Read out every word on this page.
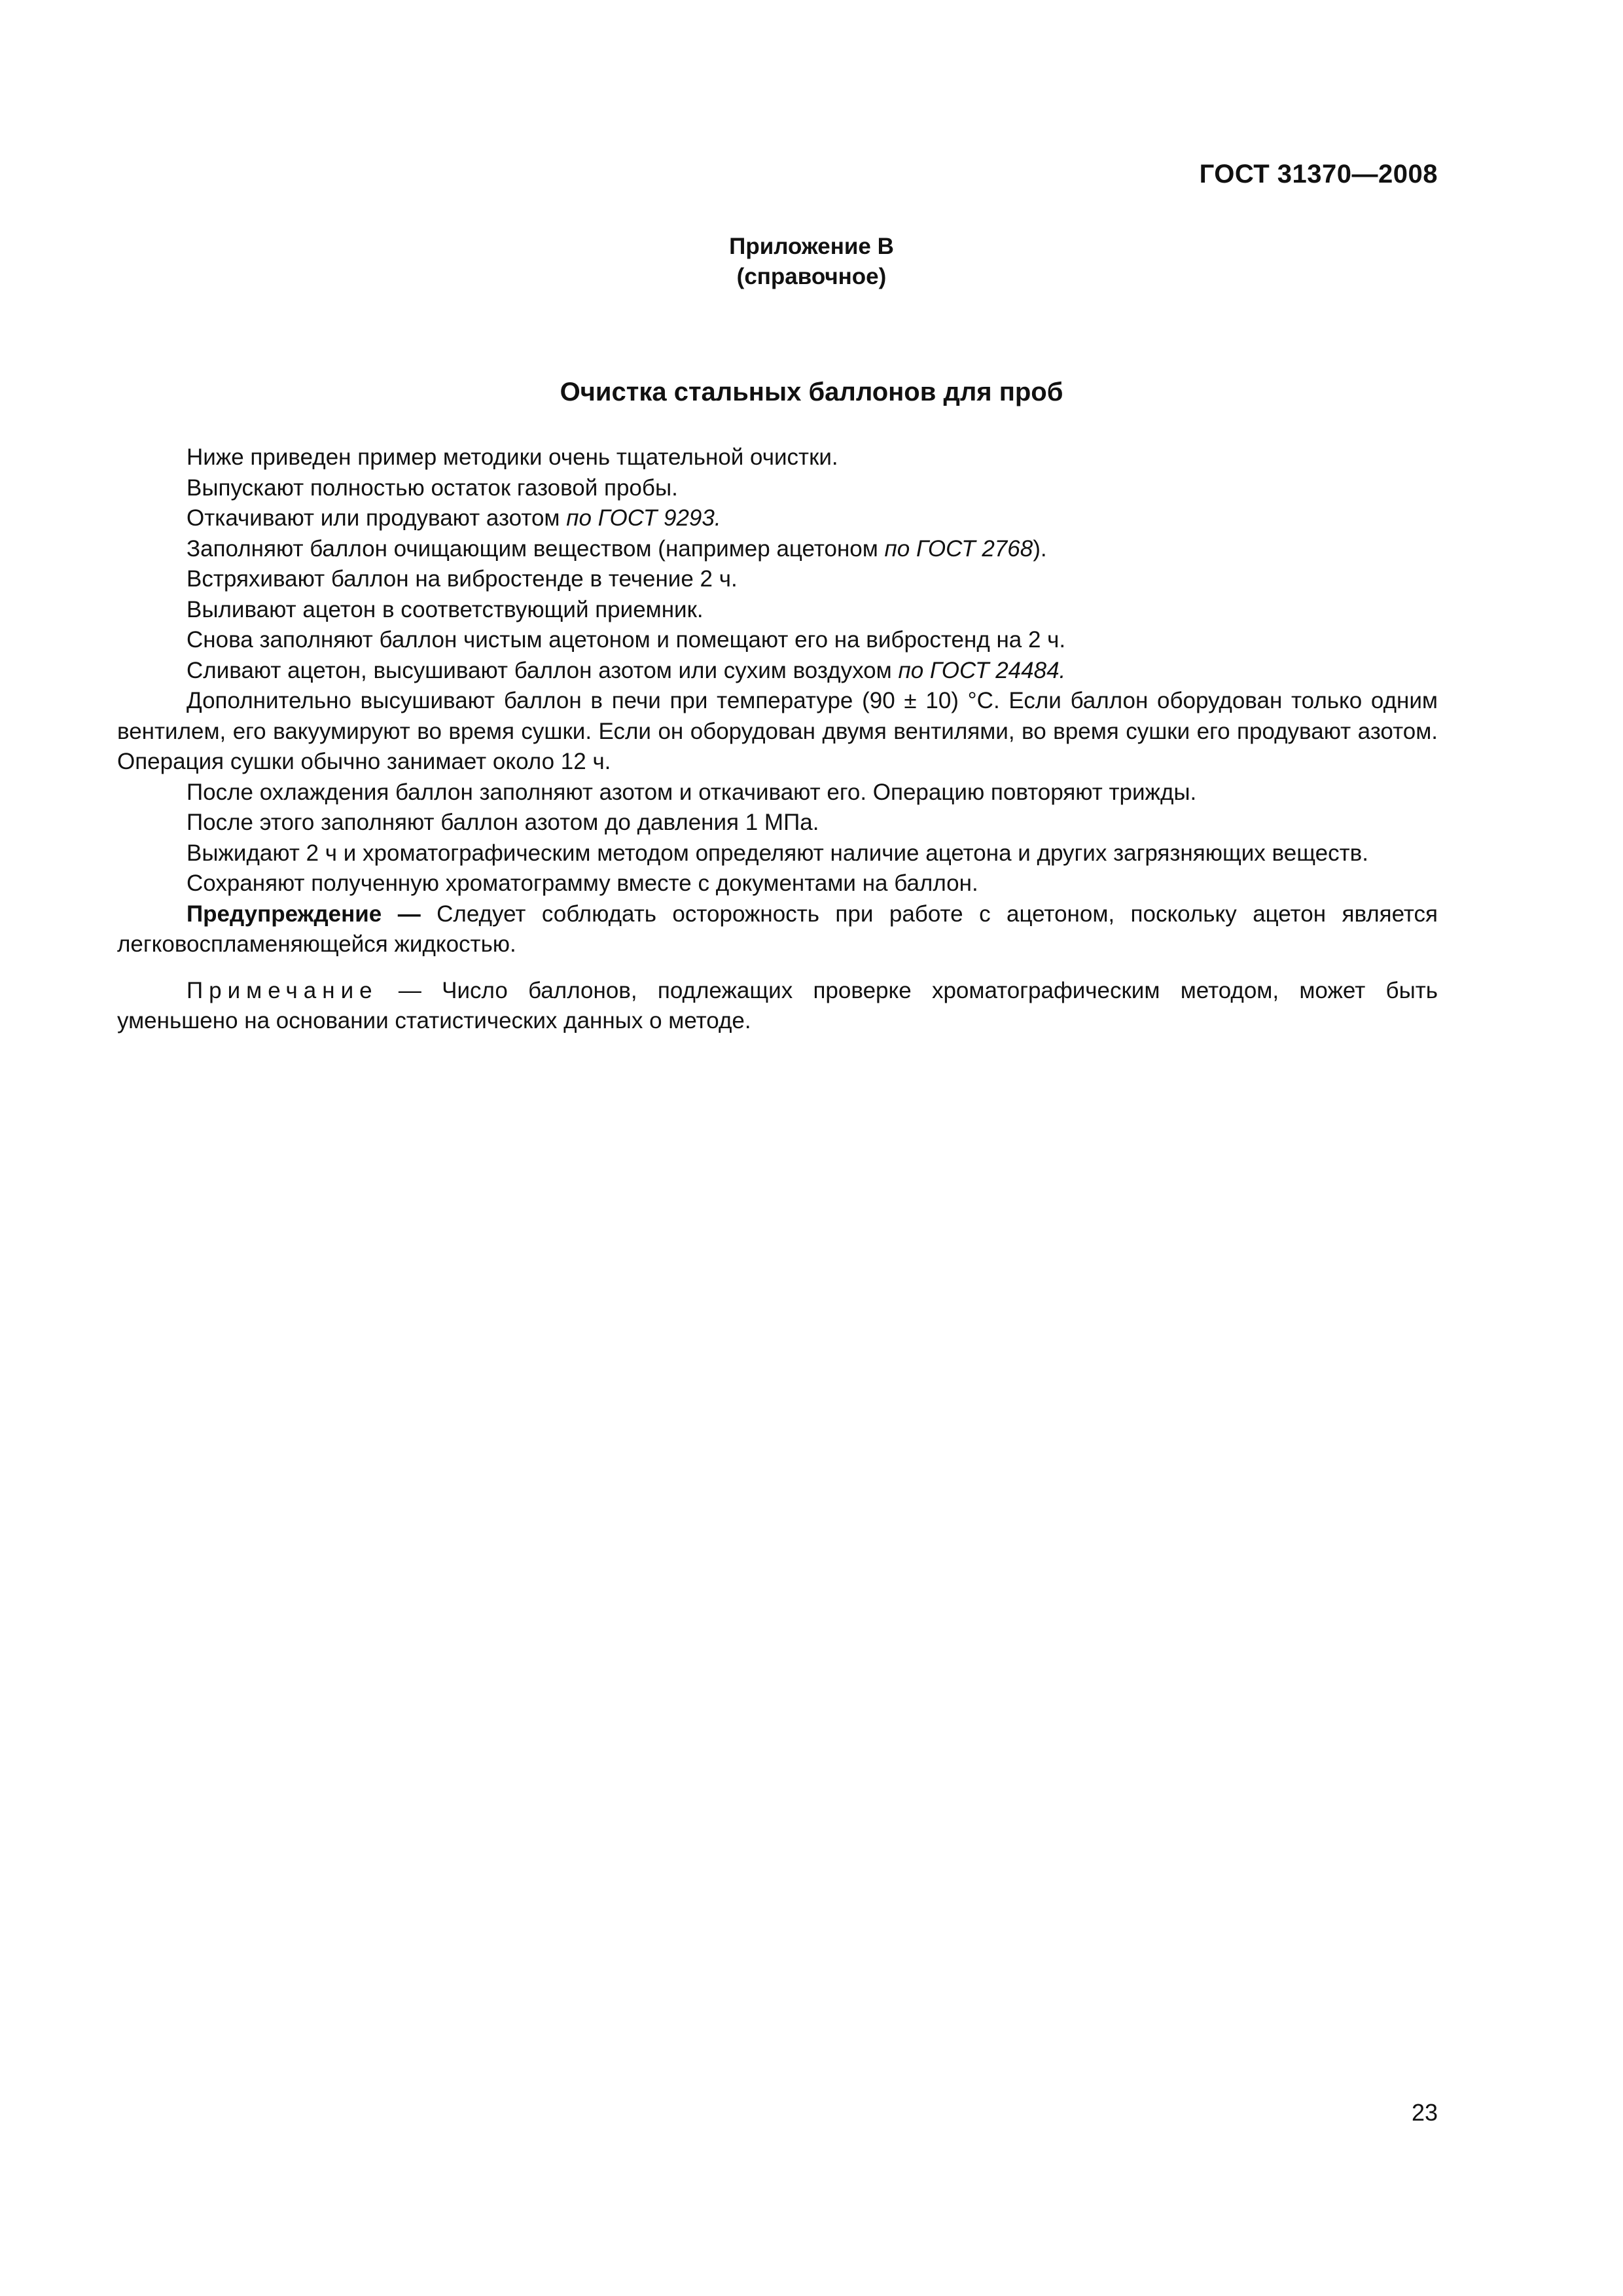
ГОСТ 31370—2008
Приложение В
(справочное)
Очистка стальных баллонов для проб

Ниже приведен пример методики очень тщательной очистки.

Выпускают полностью остаток газовой пробы.

Откачивают или продувают азотом по ГОСТ 9293.

Заполняют баллон очищающим веществом (например ацетоном по ГОСТ 2768).

Встряхивают баллон на вибростенде в течение 2 ч.

Выливают ацетон в соответствующий приемник.

Снова заполняют баллон чистым ацетоном и помещают его на вибростенд на 2 ч.

Сливают ацетон, высушивают баллон азотом или сухим воздухом по ГОСТ 24484.

Дополнительно высушивают баллон в печи при температуре (90 ± 10) °С. Если баллон оборудован только одним вентилем, его вакуумируют во время сушки. Если он оборудован двумя вентилями, во время сушки его продувают азотом. Операция сушки обычно занимает около 12 ч.

После охлаждения баллон заполняют азотом и откачивают его. Операцию повторяют трижды.

После этого заполняют баллон азотом до давления 1 МПа.

Выжидают 2 ч и хроматографическим методом определяют наличие ацетона и других загрязняющих веществ.

Сохраняют полученную хроматограмму вместе с документами на баллон.

Предупреждение — Следует соблюдать осторожность при работе с ацетоном, поскольку ацетон является легковоспламеняющейся жидкостью.

Примечание — Число баллонов, подлежащих проверке хроматографическим методом, может быть уменьшено на основании статистических данных о методе.

23
